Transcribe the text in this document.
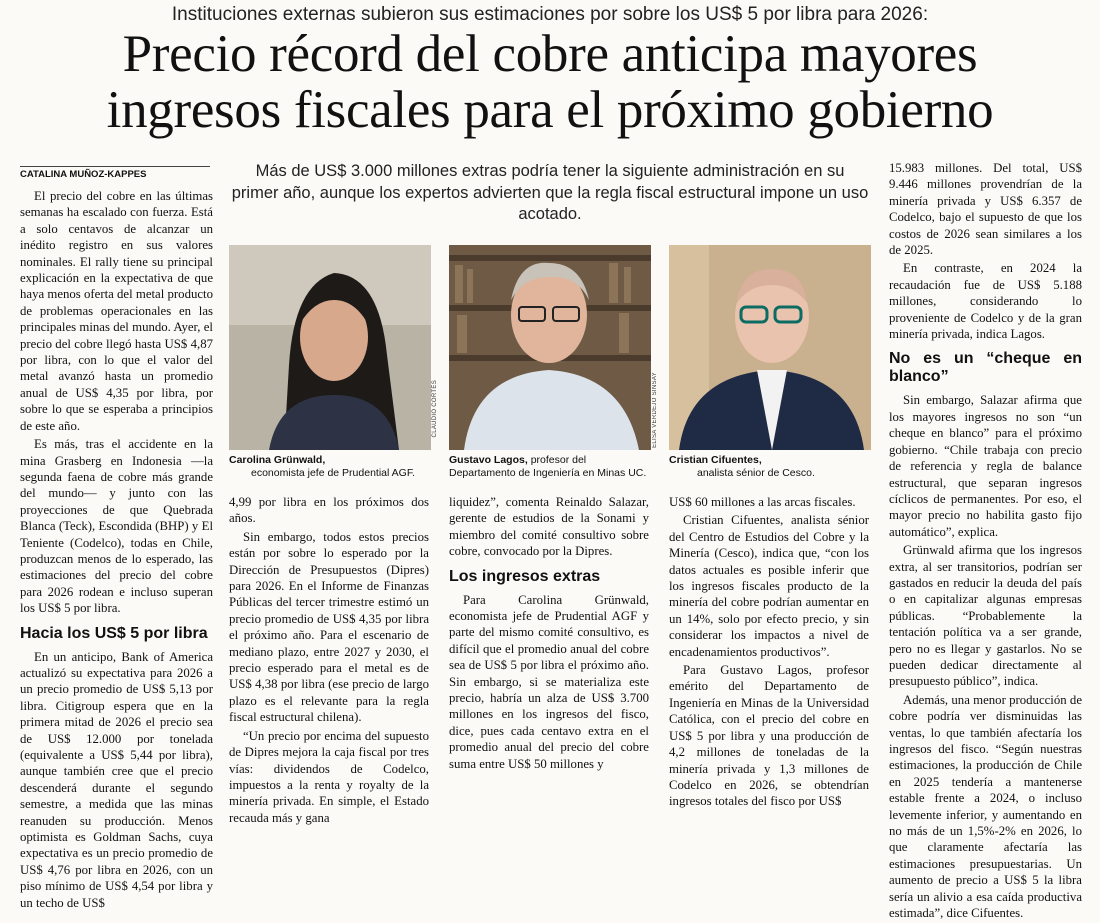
Instituciones externas subieron sus estimaciones por sobre los US$ 5 por libra para 2026:
Precio récord del cobre anticipa mayores
ingresos fiscales para el próximo gobierno
CATALINA MUÑOZ-KAPPES	Más de US$ 3.000 millones extras podría tener la siguiente administración en su primer año, aunque los expertos advierten que la regla fiscal estructural impone un uso acotado.

El precio del cobre en las últimas semanas ha escalado con fuerza. Está a solo centavos de alcanzar un inédito registro en sus valores nominales. El rally tiene su principal explicación en la expectativa de que haya menos oferta del metal producto de problemas operacionales en las principales minas del mundo. Ayer, el precio del cobre llegó hasta US$ 4,87 por libra, con lo que el valor del metal avanzó hasta un promedio anual de US$ 4,35 por libra, por sobre lo que se esperaba a principios de este año.

Es más, tras el accidente en la mina Grasberg en Indonesia —la segunda faena de cobre más grande del mundo— y junto con las proyecciones de que Quebrada Blanca (Teck), Escondida (BHP) y El Teniente (Codelco), todas en Chile, produzcan menos de lo esperado, las estimaciones del precio del cobre para 2026 rodean e incluso superan los US$ 5 por libra.

Hacia los US$ 5 por libra

En un anticipo, Bank of America actualizó su expectativa para 2026 a un precio promedio de US$ 5,13 por libra. Citigroup espera que en la primera mitad de 2026 el precio sea de US$ 12.000 por tonelada (equivalente a US$ 5,44 por libra), aunque también cree que el precio descenderá durante el segundo semestre, a medida que las minas reanuden su producción. Menos optimista es Goldman Sachs, cuya expectativa es un precio promedio de US$ 4,76 por libra en 2026, con un piso mínimo de US$ 4,54 por libra y un techo de US$

CLAUDIO CORTÉS	ELISA VERDEJO SINSAY
Carolina Grünwald,
economista jefe de Prudential AGF.
Gustavo Lagos, profesor del Departamento de Ingeniería en Minas UC.
Cristian Cifuentes,
analista sénior de Cesco.

4,99 por libra en los próximos dos años.

Sin embargo, todos estos precios están por sobre lo esperado por la Dirección de Presupuestos (Dipres) para 2026. En el Informe de Finanzas Públicas del tercer trimestre estimó un precio promedio de US$ 4,35 por libra el próximo año. Para el escenario de mediano plazo, entre 2027 y 2030, el precio esperado para el metal es de US$ 4,38 por libra (ese precio de largo plazo es el relevante para la regla fiscal estructural chilena).

“Un precio por encima del supuesto de Dipres mejora la caja fiscal por tres vías: dividendos de Codelco, impuestos a la renta y royalty de la minería privada. En simple, el Estado recauda más y gana

liquidez”, comenta Reinaldo Salazar, gerente de estudios de la Sonami y miembro del comité consultivo sobre cobre, convocado por la Dipres.

Los ingresos extras

Para Carolina Grünwald, economista jefe de Prudential AGF y parte del mismo comité consultivo, es difícil que el promedio anual del cobre sea de US$ 5 por libra el próximo año. Sin embargo, si se materializa este precio, habría un alza de US$ 3.700 millones en los ingresos del fisco, dice, pues cada centavo extra en el promedio anual del precio del cobre suma entre US$ 50 millones y

US$ 60 millones a las arcas fiscales.

Cristian Cifuentes, analista sénior del Centro de Estudios del Cobre y la Minería (Cesco), indica que, “con los datos actuales es posible inferir que los ingresos fiscales producto de la minería del cobre podrían aumentar en un 14%, solo por efecto precio, y sin considerar los impactos a nivel de encadenamientos productivos”.

Para Gustavo Lagos, profesor emérito del Departamento de Ingeniería en Minas de la Universidad Católica, con el precio del cobre en US$ 5 por libra y una producción de 4,2 millones de toneladas de la minería privada y 1,3 millones de Codelco en 2026, se obtendrían ingresos totales del fisco por US$

15.983 millones. Del total, US$ 9.446 millones provendrían de la minería privada y US$ 6.357 de Codelco, bajo el supuesto de que los costos de 2026 sean similares a los de 2025.

En contraste, en 2024 la recaudación fue de US$ 5.188 millones, considerando lo proveniente de Codelco y de la gran minería privada, indica Lagos.

No es un “cheque en blanco”

Sin embargo, Salazar afirma que los mayores ingresos no son “un cheque en blanco” para el próximo gobierno. “Chile trabaja con precio de referencia y regla de balance estructural, que separan ingresos cíclicos de permanentes. Por eso, el mayor precio no habilita gasto fijo automático”, explica.

Grünwald afirma que los ingresos extra, al ser transitorios, podrían ser gastados en reducir la deuda del país o en capitalizar algunas empresas públicas. “Probablemente la tentación política va a ser grande, pero no es llegar y gastarlos. No se pueden dedicar directamente al presupuesto público”, indica.

Además, una menor producción de cobre podría ver disminuidas las ventas, lo que también afectaría los ingresos del fisco. “Según nuestras estimaciones, la producción de Chile en 2025 tendería a mantenerse estable frente a 2024, o incluso levemente inferior, y aumentando en no más de un 1,5%-2% en 2026, lo que claramente afectaría las estimaciones presupuestarias. Un aumento de precio a US$ 5 la libra sería un alivio a esa caída productiva estimada”, dice Cifuentes.
